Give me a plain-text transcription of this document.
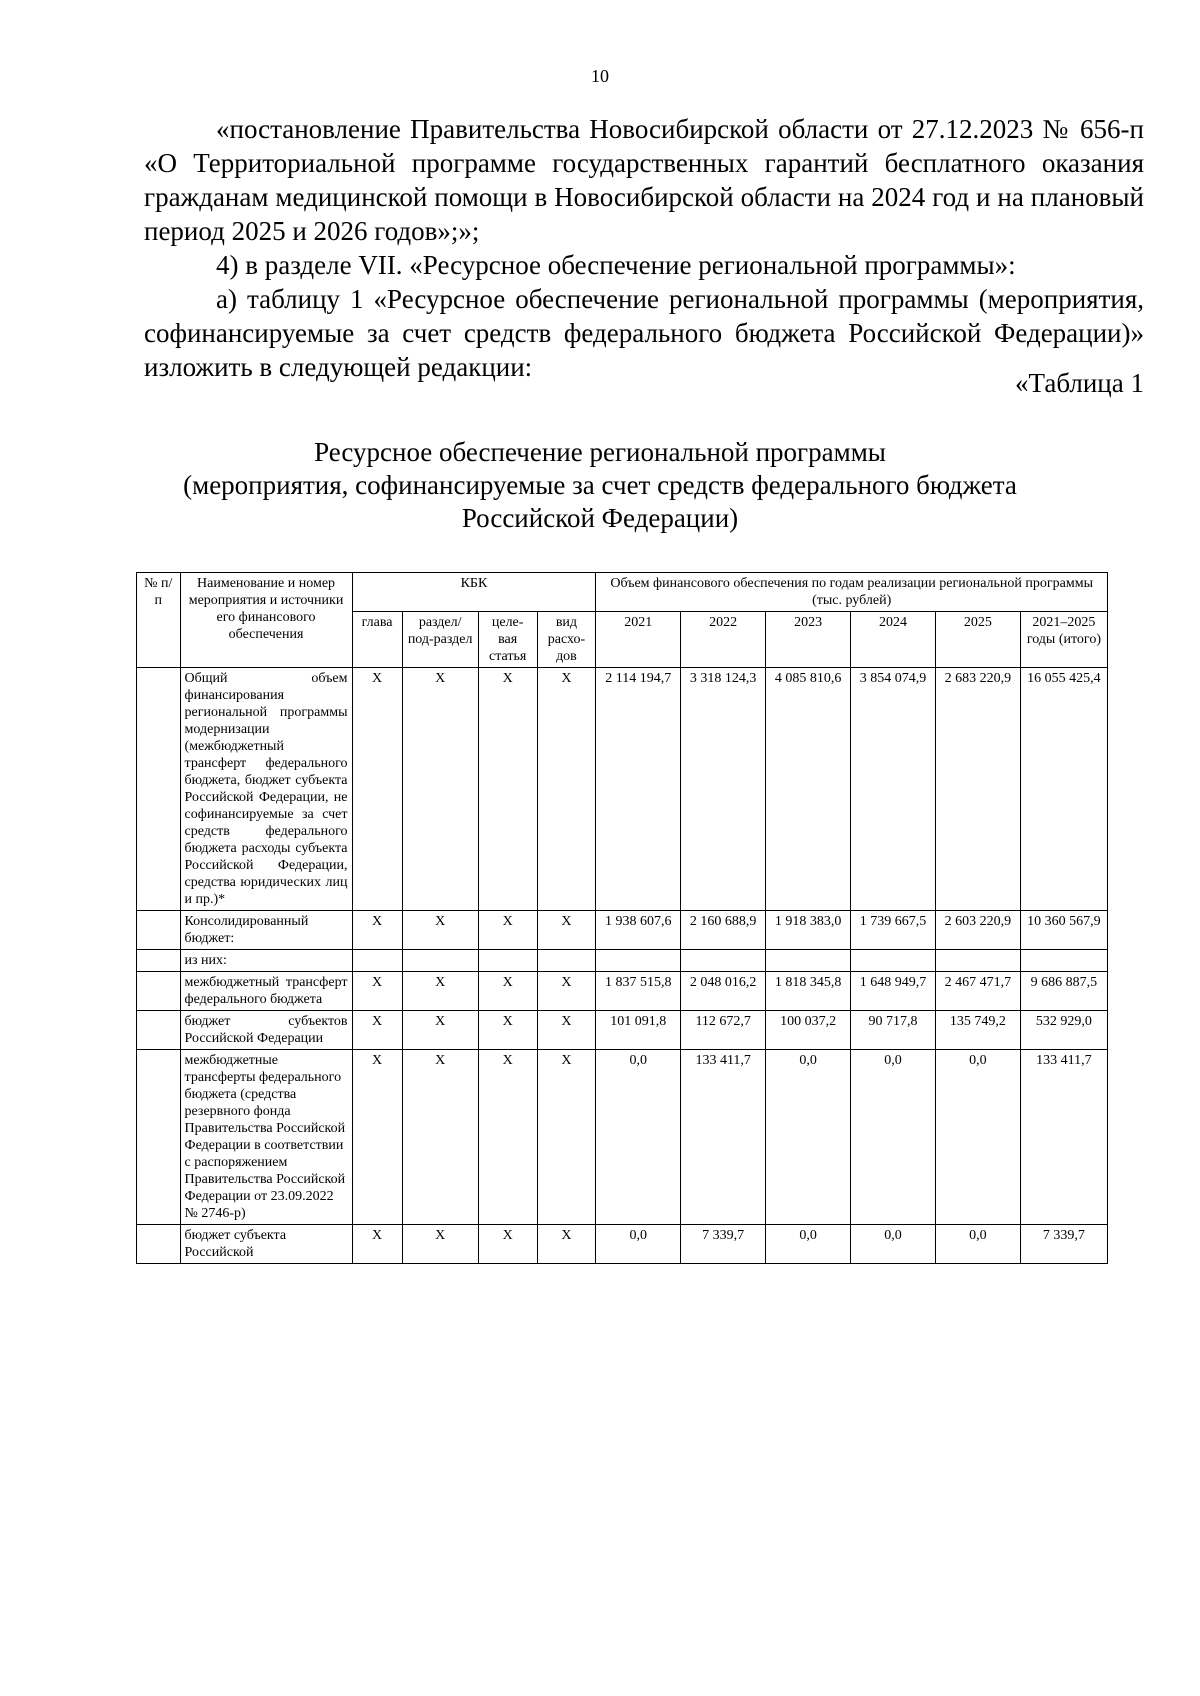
10

«постановление Правительства Новосибирской области от 27.12.2023 № 656-п «О Территориальной программе государственных гарантий бесплатного оказания гражданам медицинской помощи в Новосибирской области на 2024 год и на плановый период 2025 и 2026 годов»;»;

4) в разделе VII. «Ресурсное обеспечение региональной программы»:

а) таблицу 1 «Ресурсное обеспечение региональной программы (мероприятия, софинансируемые за счет средств федерального бюджета Российской Федерации)» изложить в следующей редакции:

«Таблица 1
Ресурсное обеспечение региональной программы
(мероприятия, софинансируемые за счет средств федерального бюджета
Российской Федерации)
№ п/п	Наименование и номер мероприятия и источники его финансового обеспечения	КБК				Объем финансового обеспечения по годам реализации региональной программы (тыс. рублей)					
		глава	раздел/ под-раздел	целе-вая статья	вид расхо-дов	2021	2022	2023	2024	2025	2021–2025 годы (итого)
	Общий объем финансирования региональной программы модернизации (межбюджетный трансферт федерального бюджета, бюджет субъекта Российской Федерации, не софинансируемые за счет средств федерального бюджета расходы субъекта Российской Федерации, средства юридических лиц и пр.)*	X	X	X	X	2 114 194,7	3 318 124,3	4 085 810,6	3 854 074,9	2 683 220,9	16 055 425,4
	Консолидированный бюджет:	X	X	X	X	1 938 607,6	2 160 688,9	1 918 383,0	1 739 667,5	2 603 220,9	10 360 567,9
	из них:										
	межбюджетный трансферт федерального бюджета	X	X	X	X	1 837 515,8	2 048 016,2	1 818 345,8	1 648 949,7	2 467 471,7	9 686 887,5
	бюджет субъектов Российской Федерации	X	X	X	X	101 091,8	112 672,7	100 037,2	90 717,8	135 749,2	532 929,0
	межбюджетные трансферты федерального бюджета (средства резервного фонда Правительства Российской Федерации в соответствии с распоряжением Правительства Российской Федерации от 23.09.2022 № 2746-р)	X	X	X	X	0,0	133 411,7	0,0	0,0	0,0	133 411,7
	бюджет субъекта Российской	X	X	X	X	0,0	7 339,7	0,0	0,0	0,0	7 339,7
